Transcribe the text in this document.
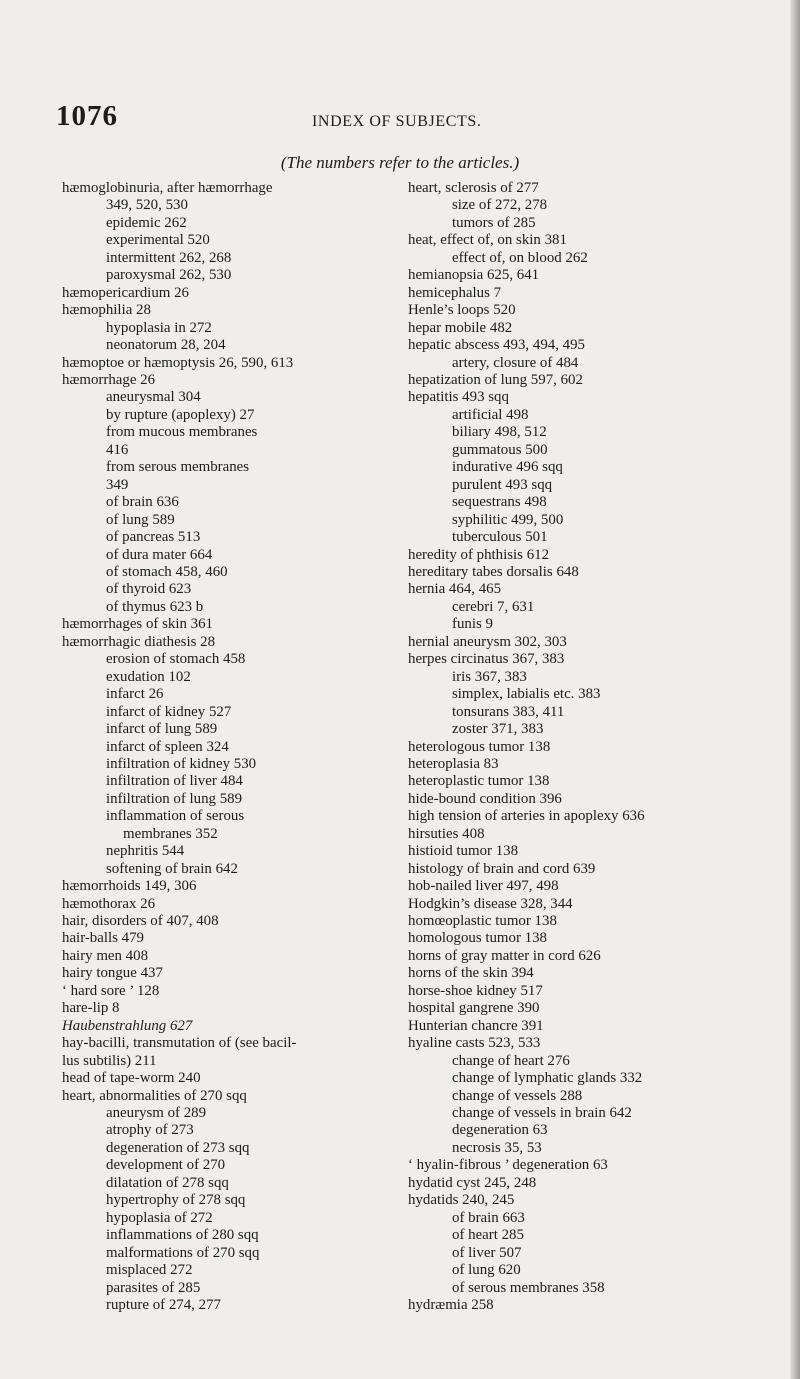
1076	INDEX OF SUBJECTS.
(The numbers refer to the articles.)
hæmoglobinuria, after hæmorrhage
349, 520, 530
epidemic 262
experimental 520
intermittent 262, 268
paroxysmal 262, 530
hæmopericardium 26
hæmophilia 28
hypoplasia in 272
neonatorum 28, 204
hæmoptoe or hæmoptysis 26, 590, 613
hæmorrhage 26
aneurysmal 304
by rupture (apoplexy) 27
from mucous membranes
416
from serous membranes
349
of brain 636
of lung 589
of pancreas 513
of dura mater 664
of stomach 458, 460
of thyroid 623
of thymus 623 b
hæmorrhages of skin 361
hæmorrhagic diathesis 28
erosion of stomach 458
exudation 102
infarct 26
infarct of kidney 527
infarct of lung 589
infarct of spleen 324
infiltration of kidney 530
infiltration of liver 484
infiltration of lung 589
inflammation of serous
membranes 352
nephritis 544
softening of brain 642
hæmorrhoids 149, 306
hæmothorax 26
hair, disorders of 407, 408
hair-balls 479
hairy men 408
hairy tongue 437
‘ hard sore ’ 128
hare-lip 8
Haubenstrahlung 627
hay-bacilli, transmutation of (see bacil-
lus subtilis) 211
head of tape-worm 240
heart, abnormalities of 270 sqq
aneurysm of 289
atrophy of 273
degeneration of 273 sqq
development of 270
dilatation of 278 sqq
hypertrophy of 278 sqq
hypoplasia of 272
inflammations of 280 sqq
malformations of 270 sqq
misplaced 272
parasites of 285
rupture of 274, 277
heart, sclerosis of 277
size of 272, 278
tumors of 285
heat, effect of, on skin 381
effect of, on blood 262
hemianopsia 625, 641
hemicephalus 7
Henle’s loops 520
hepar mobile 482
hepatic abscess 493, 494, 495
artery, closure of 484
hepatization of lung 597, 602
hepatitis 493 sqq
artificial 498
biliary 498, 512
gummatous 500
indurative 496 sqq
purulent 493 sqq
sequestrans 498
syphilitic 499, 500
tuberculous 501
heredity of phthisis 612
hereditary tabes dorsalis 648
hernia 464, 465
cerebri 7, 631
funis 9
hernial aneurysm 302, 303
herpes circinatus 367, 383
iris 367, 383
simplex, labialis etc. 383
tonsurans 383, 411
zoster 371, 383
heterologous tumor 138
heteroplasia 83
heteroplastic tumor 138
hide-bound condition 396
high tension of arteries in apoplexy 636
hirsuties 408
histioid tumor 138
histology of brain and cord 639
hob-nailed liver 497, 498
Hodgkin’s disease 328, 344
homœoplastic tumor 138
homologous tumor 138
horns of gray matter in cord 626
horns of the skin 394
horse-shoe kidney 517
hospital gangrene 390
Hunterian chancre 391
hyaline casts 523, 533
change of heart 276
change of lymphatic glands 332
change of vessels 288
change of vessels in brain 642
degeneration 63
necrosis 35, 53
‘ hyalin-fibrous ’ degeneration 63
hydatid cyst 245, 248
hydatids 240, 245
of brain 663
of heart 285
of liver 507
of lung 620
of serous membranes 358
hydræmia 258
